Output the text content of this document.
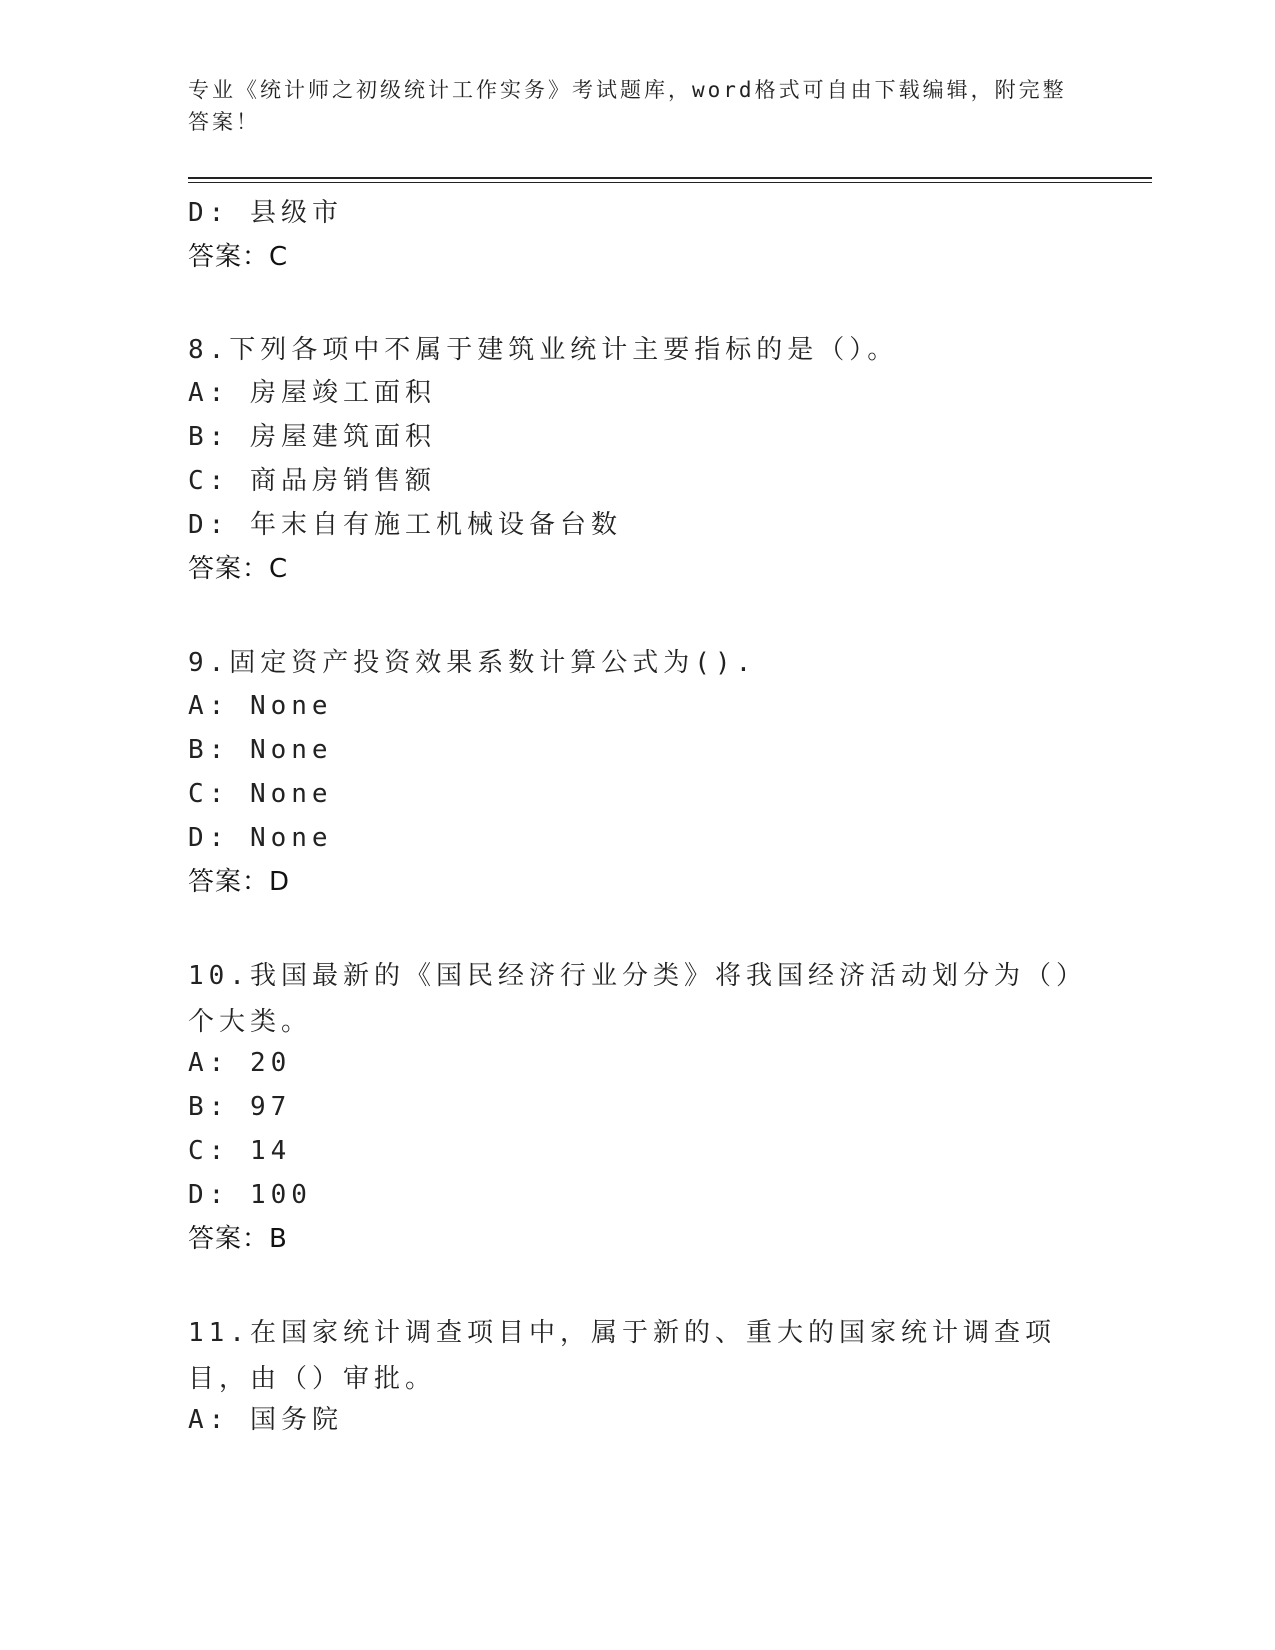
专业《统计师之初级统计工作实务》考试题库，word格式可自由下载编辑，附完整答案！
D: 县级市
答案：C
8.下列各项中不属于建筑业统计主要指标的是（）。
A: 房屋竣工面积
B: 房屋建筑面积
C: 商品房销售额
D: 年末自有施工机械设备台数
答案：C
9.固定资产投资效果系数计算公式为().
A: None
B: None
C: None
D: None
答案：D
10.我国最新的《国民经济行业分类》将我国经济活动划分为（）个大类。
A: 20
B: 97
C: 14
D: 100
答案：B
11.在国家统计调查项目中，属于新的、重大的国家统计调查项目，由（）审批。
A: 国务院
